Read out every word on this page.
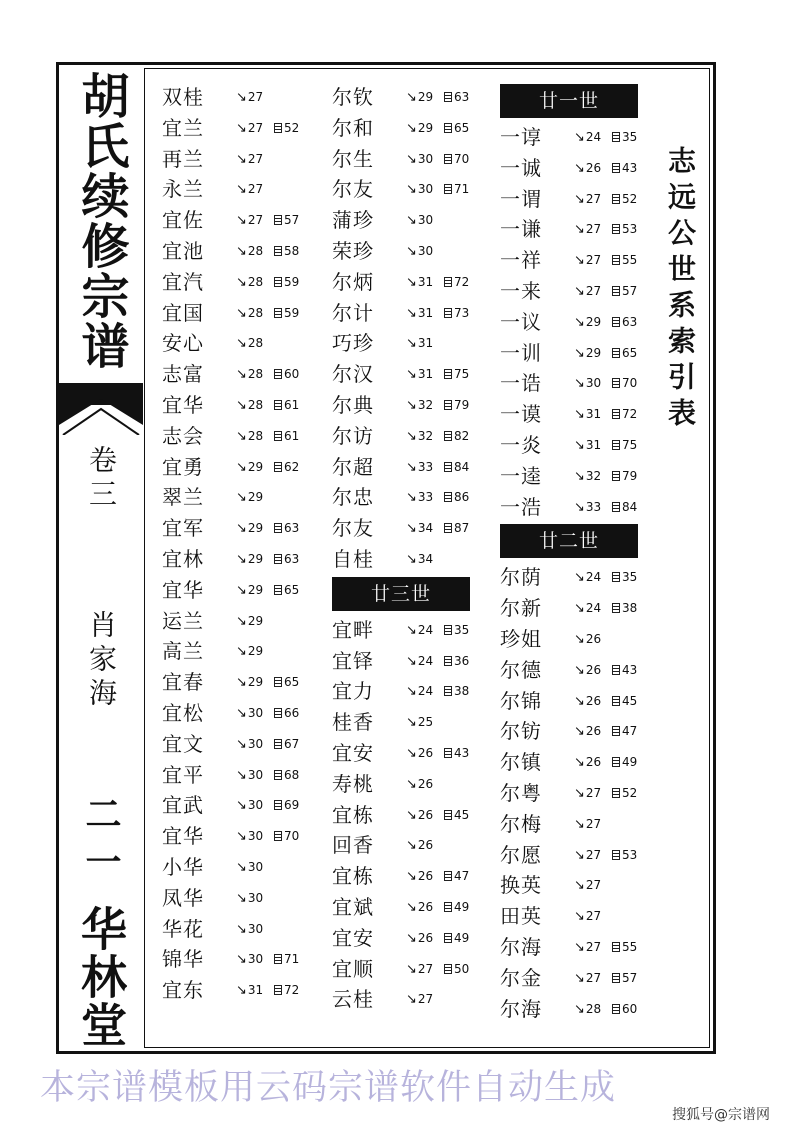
胡氏续修宗谱
卷三
肖家海
二一
华林堂
双桂 ↘27
宜兰 ↘27	52
再兰 ↘27
永兰 ↘27
宜佐 ↘27	57
宜池 ↘28	58
宜汽 ↘28	59
宜国 ↘28	59
安心 ↘28
志富 ↘28	60
宜华 ↘28	61
志会 ↘28	61
宜勇 ↘29	62
翠兰 ↘29
宜军 ↘29	63
宜林 ↘29	63
宜华 ↘29	65
运兰 ↘29
高兰 ↘29
宜春 ↘29	65
宜松 ↘30	66
宜文 ↘30	67
宜平 ↘30	68
宜武 ↘30	69
宜华 ↘30	70
小华 ↘30
凤华 ↘30
华花 ↘30
锦华 ↘30	71
宜东 ↘31	72
尔钦 ↘29	63
尔和 ↘29	65
尔生 ↘30	70
尔友 ↘30	71
蒲珍 ↘30
荣珍 ↘30
尔炳 ↘31	72
尔计 ↘31	73
巧珍 ↘31
尔汉 ↘31	75
尔典 ↘32	79
尔访 ↘32	82
尔超 ↘33	84
尔忠 ↘33	86
尔友 ↘34	87
自桂 ↘34
廿三世
宜畔 ↘24	35
宜铎 ↘24	36
宜力 ↘24	38
桂香 ↘25
宜安 ↘26	43
寿桃 ↘26
宜栋 ↘26	45
回香 ↘26
宜栋 ↘26	47
宜斌 ↘26	49
宜安 ↘26	49
宜顺 ↘27	50
云桂 ↘27
廿一世
一谆 ↘24	35
一诚 ↘26	43
一谓 ↘27	52
一谦 ↘27	53
一祥 ↘27	55
一来 ↘27	57
一议 ↘29	63
一训 ↘29	65
一诰 ↘30	70
一谟 ↘31	72
一炎 ↘31	75
一逵 ↘32	79
一浩 ↘33	84
廿二世
尔荫 ↘24	35
尔新 ↘24	38
珍姐 ↘26
尔德 ↘26	43
尔锦 ↘26	45
尔钫 ↘26	47
尔镇 ↘26	49
尔粤 ↘27	52
尔梅 ↘27
尔愿 ↘27	53
换英 ↘27
田英 ↘27
尔海 ↘27	55
尔金 ↘27	57
尔海 ↘28	60
志远公世系索引表
本宗谱模板用云码宗谱软件自动生成
搜狐号@宗谱网
